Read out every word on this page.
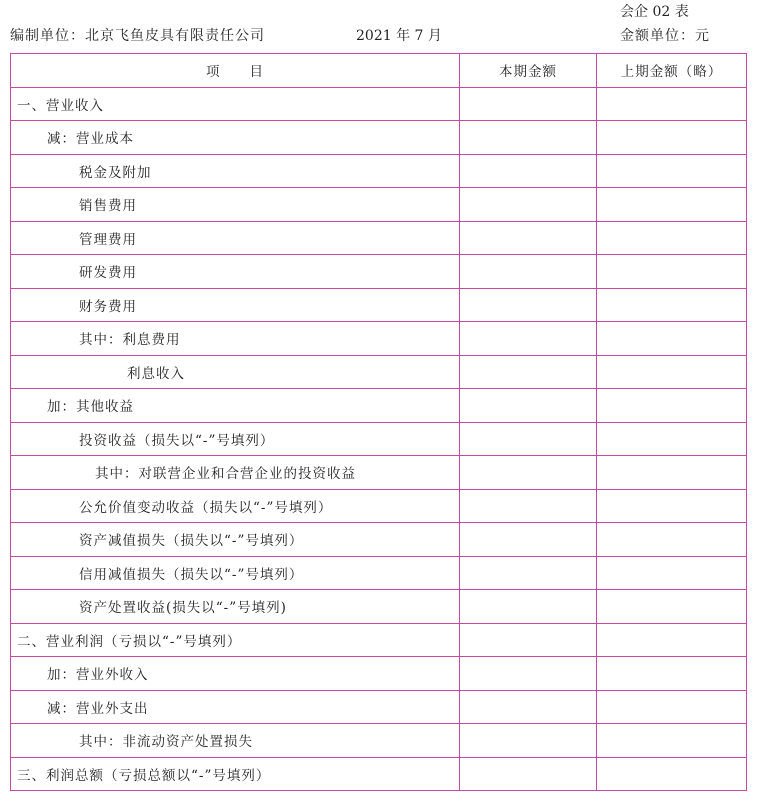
会企 02 表
编制单位：北京飞鱼皮具有限责任公司	2021 年 7 月	金额单位：元
项　　目	本期金额	上期金额（略）
一、营业收入		
减：营业成本		
税金及附加		
销售费用		
管理费用		
研发费用		
财务费用		
其中：利息费用		
利息收入		
加：其他收益		
投资收益（损失以“-”号填列）		
其中：对联营企业和合营企业的投资收益		
公允价值变动收益（损失以“-”号填列）		
资产减值损失（损失以“-”号填列）		
信用减值损失（损失以“-”号填列）		
资产处置收益(损失以“-”号填列)		
二、营业利润（亏损以“-”号填列）		
加：营业外收入		
减：营业外支出		
其中：非流动资产处置损失		
三、利润总额（亏损总额以“-”号填列）		
